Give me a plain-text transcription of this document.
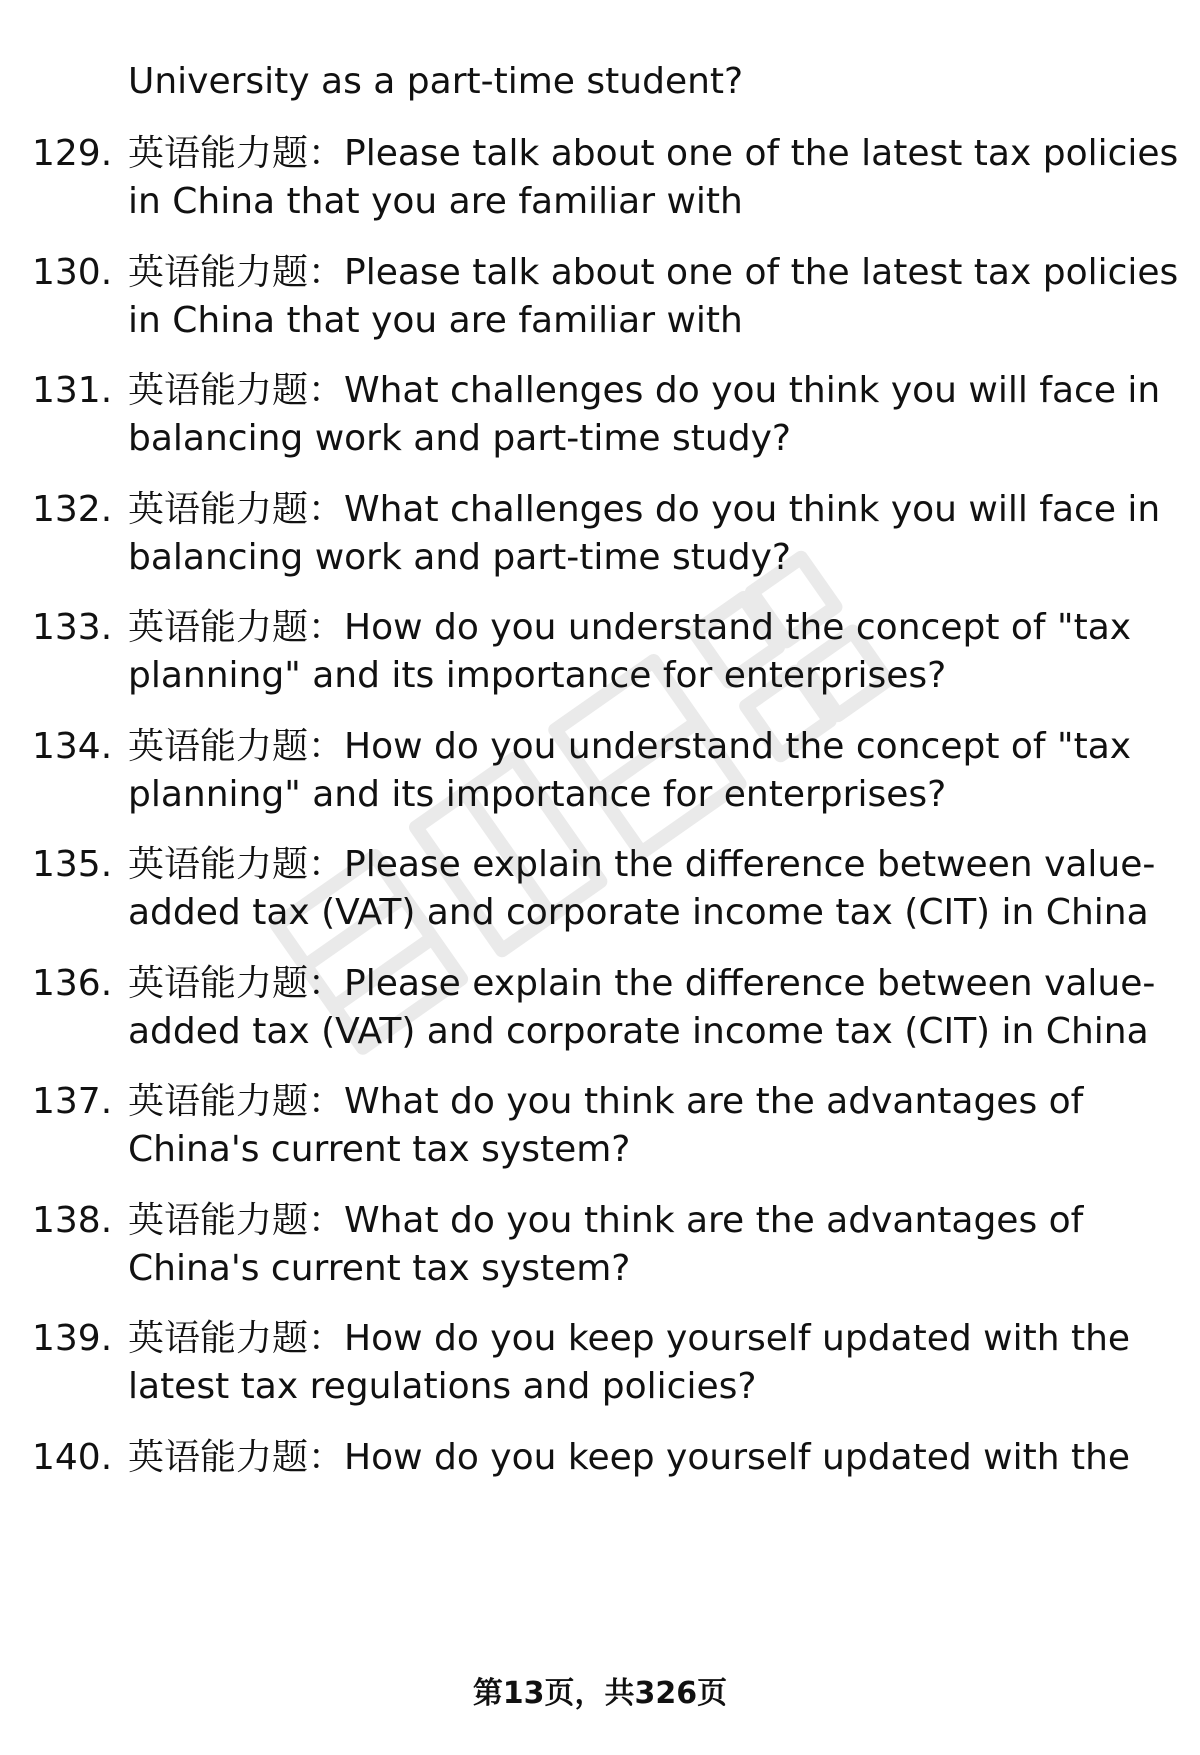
University as a part-time student?
129. 英语能力题：Please talk about one of the latest tax policies
in China that you are familiar with
130. 英语能力题：Please talk about one of the latest tax policies
in China that you are familiar with
131. 英语能力题：What challenges do you think you will face in
balancing work and part-time study?
132. 英语能力题：What challenges do you think you will face in
balancing work and part-time study?
133. 英语能力题：How do you understand the concept of "tax
planning" and its importance for enterprises?
134. 英语能力题：How do you understand the concept of "tax
planning" and its importance for enterprises?
135. 英语能力题：Please explain the difference between value-
added tax (VAT) and corporate income tax (CIT) in China
136. 英语能力题：Please explain the difference between value-
added tax (VAT) and corporate income tax (CIT) in China
137. 英语能力题：What do you think are the advantages of
China's current tax system?
138. 英语能力题：What do you think are the advantages of
China's current tax system?
139. 英语能力题：How do you keep yourself updated with the
latest tax regulations and policies?
140. 英语能力题：How do you keep yourself updated with the
第13页，共326页
